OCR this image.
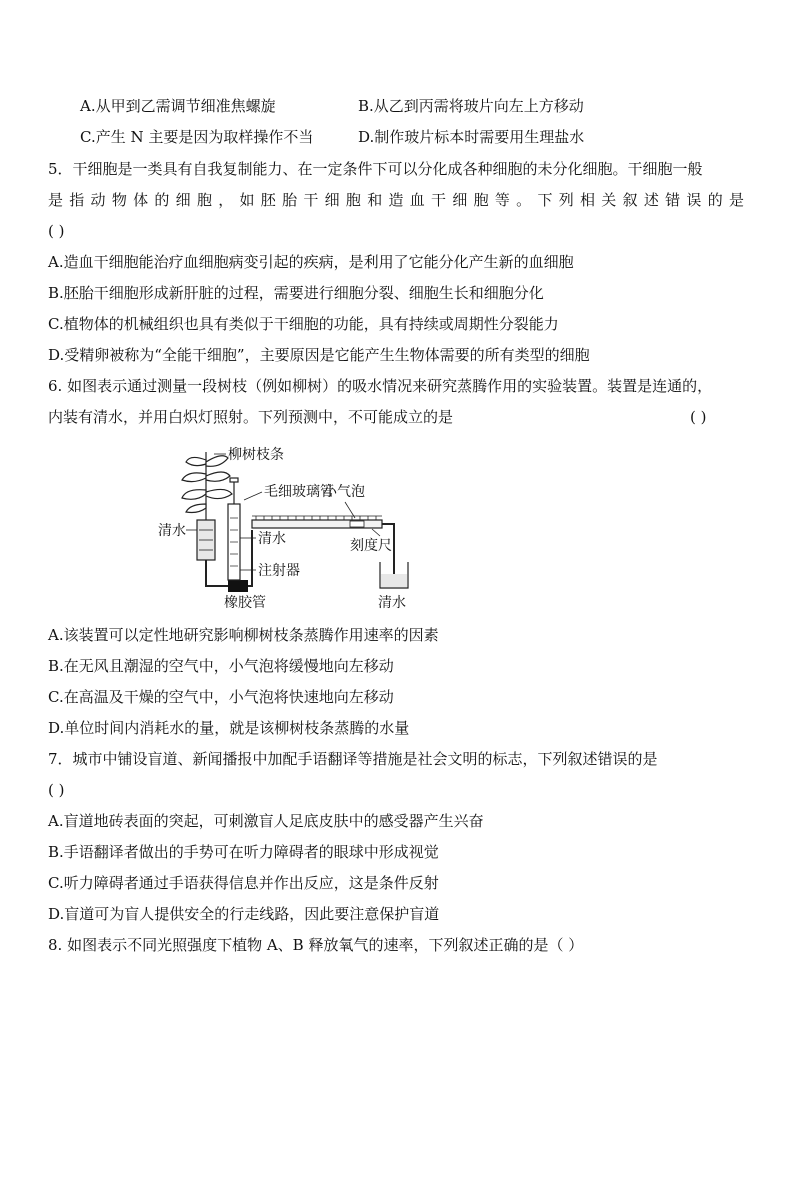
A.从甲到乙需调节细准焦螺旋	B.从乙到丙需将玻片向左上方移动
C.产生 N 主要是因为取样操作不当	D.制作玻片标本时需要用生理盐水
5．干细胞是一类具有自我复制能力、在一定条件下可以分化成各种细胞的未分化细胞。干细胞一般
是指动物体的细胞，如胚胎干细胞和造血干细胞等。下列相关叙述错误的是
( )
A.造血干细胞能治疗血细胞病变引起的疾病，是利用了它能分化产生新的血细胞
B.胚胎干细胞形成新肝脏的过程，需要进行细胞分裂、细胞生长和细胞分化
C.植物体的机械组织也具有类似于干细胞的功能，具有持续或周期性分裂能力
D.受精卵被称为“全能干细胞”，主要原因是它能产生生物体需要的所有类型的细胞
6. 如图表示通过测量一段树枝（例如柳树）的吸水情况来研究蒸腾作用的实验装置。装置是连通的，
内装有清水，并用白炽灯照射。下列预测中，不可能成立的是	( )
柳树枝条
毛细玻璃管
小气泡
清水	清水	刻度尺
注射器
橡胶管	清水
A.该装置可以定性地研究影响柳树枝条蒸腾作用速率的因素
B.在无风且潮湿的空气中，小气泡将缓慢地向左移动
C.在高温及干燥的空气中，小气泡将快速地向左移动
D.单位时间内消耗水的量，就是该柳树枝条蒸腾的水量
7．城市中铺设盲道、新闻播报中加配手语翻译等措施是社会文明的标志，下列叙述错误的是
( )
A.盲道地砖表面的突起，可刺激盲人足底皮肤中的感受器产生兴奋
B.手语翻译者做出的手势可在听力障碍者的眼球中形成视觉
C.听力障碍者通过手语获得信息并作出反应，这是条件反射
D.盲道可为盲人提供安全的行走线路，因此要注意保护盲道
8. 如图表示不同光照强度下植物 A、B 释放氧气的速率，下列叙述正确的是（ ）
